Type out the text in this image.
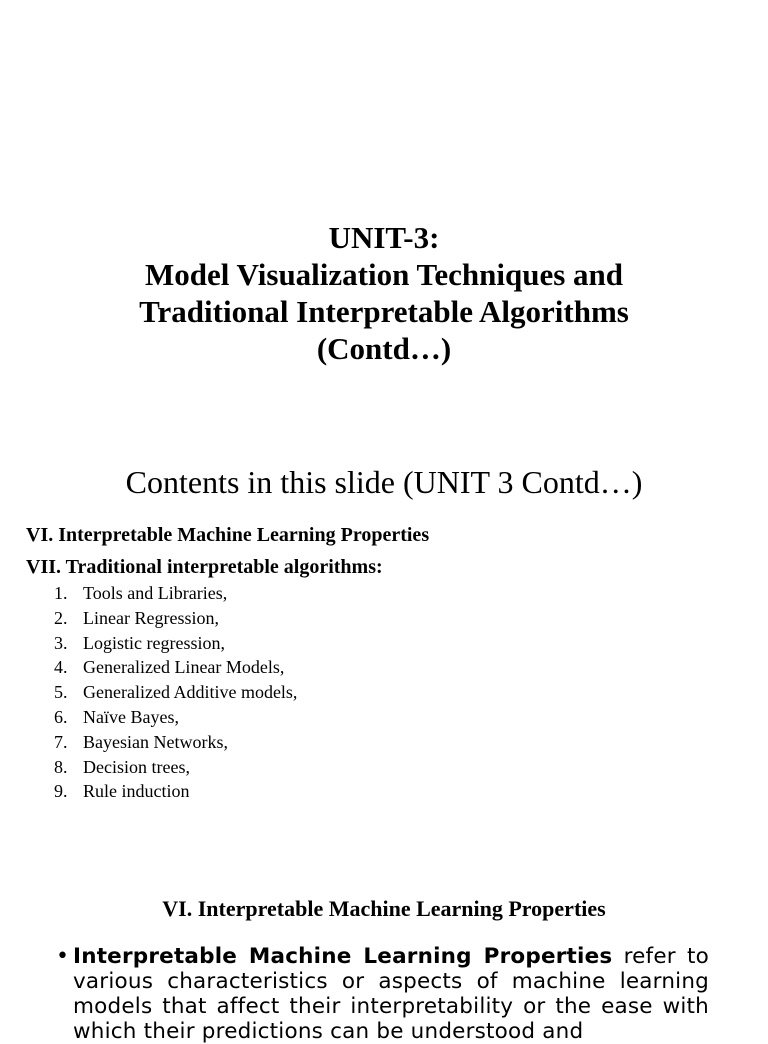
UNIT-3:
Model Visualization Techniques and
Traditional Interpretable Algorithms
(Contd…)
Contents in this slide (UNIT 3 Contd…)
VI. Interpretable Machine Learning Properties
VII. Traditional interpretable algorithms:
1. Tools and Libraries,
2. Linear Regression,
3. Logistic regression,
4. Generalized Linear Models,
5. Generalized Additive models,
6. Naïve Bayes,
7. Bayesian Networks,
8. Decision trees,
9. Rule induction
VI. Interpretable Machine Learning Properties
• Interpretable Machine Learning Properties refer to various characteristics or aspects of machine learning models that affect their interpretability or the ease with which their predictions can be understood and
